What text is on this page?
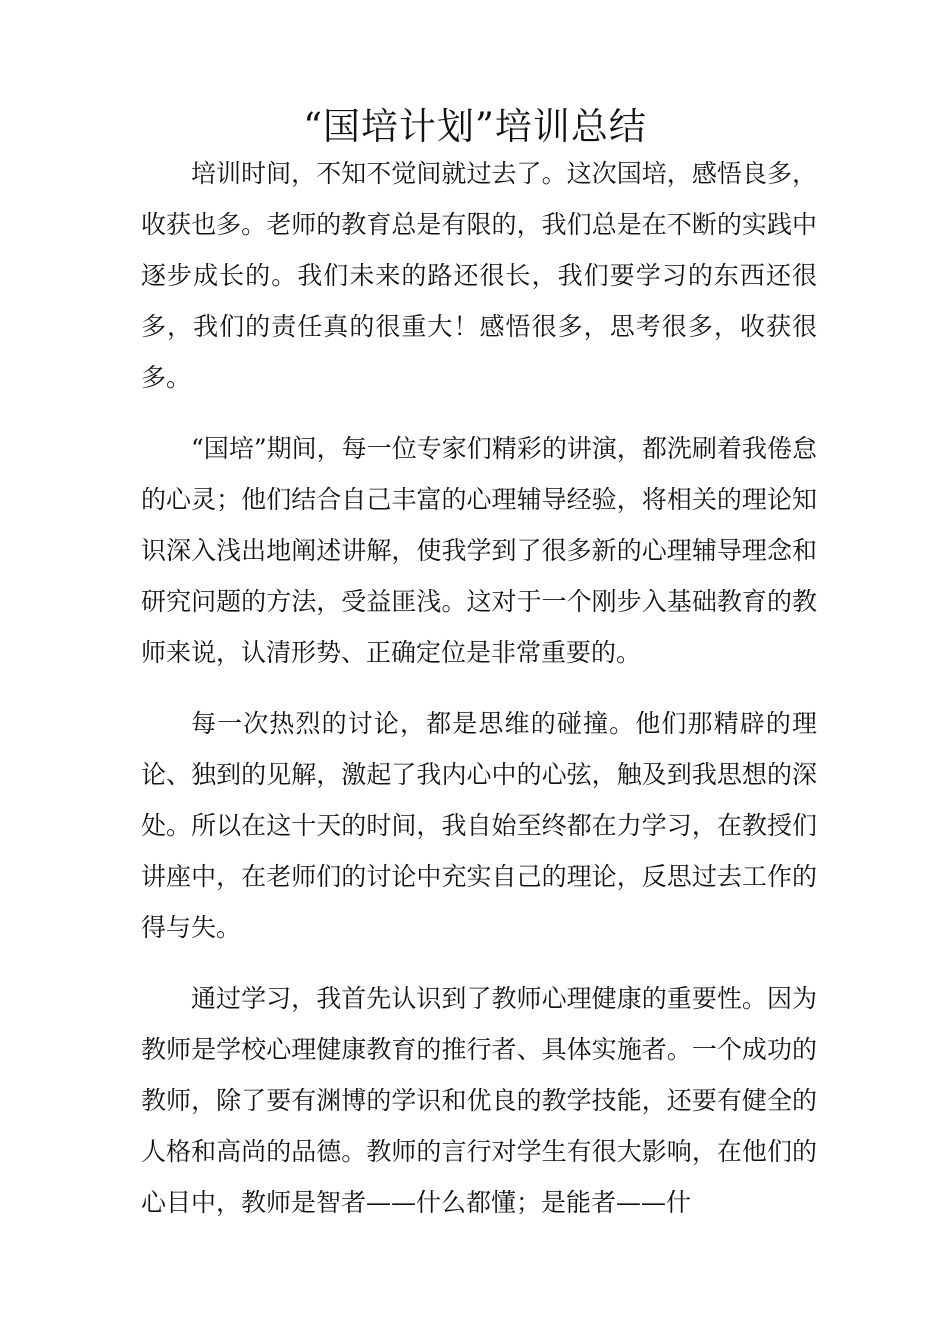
“国培计划”培训总结

培训时间，不知不觉间就过去了。这次国培，感悟良多，收获也多。老师的教育总是有限的，我们总是在不断的实践中逐步成长的。我们未来的路还很长，我们要学习的东西还很多，我们的责任真的很重大！感悟很多，思考很多，收获很多。

“国培”期间，每一位专家们精彩的讲演，都洗刷着我倦怠的心灵；他们结合自己丰富的心理辅导经验，将相关的理论知识深入浅出地阐述讲解，使我学到了很多新的心理辅导理念和研究问题的方法，受益匪浅。这对于一个刚步入基础教育的教师来说，认清形势、正确定位是非常重要的。

每一次热烈的讨论，都是思维的碰撞。他们那精辟的理论、独到的见解，激起了我内心中的心弦，触及到我思想的深处。所以在这十天的时间，我自始至终都在力学习，在教授们讲座中，在老师们的讨论中充实自己的理论，反思过去工作的得与失。

通过学习，我首先认识到了教师心理健康的重要性。因为教师是学校心理健康教育的推行者、具体实施者。一个成功的教师，除了要有渊博的学识和优良的教学技能，还要有健全的人格和高尚的品德。教师的言行对学生有很大影响，在他们的心目中，教师是智者——什么都懂；是能者——什
